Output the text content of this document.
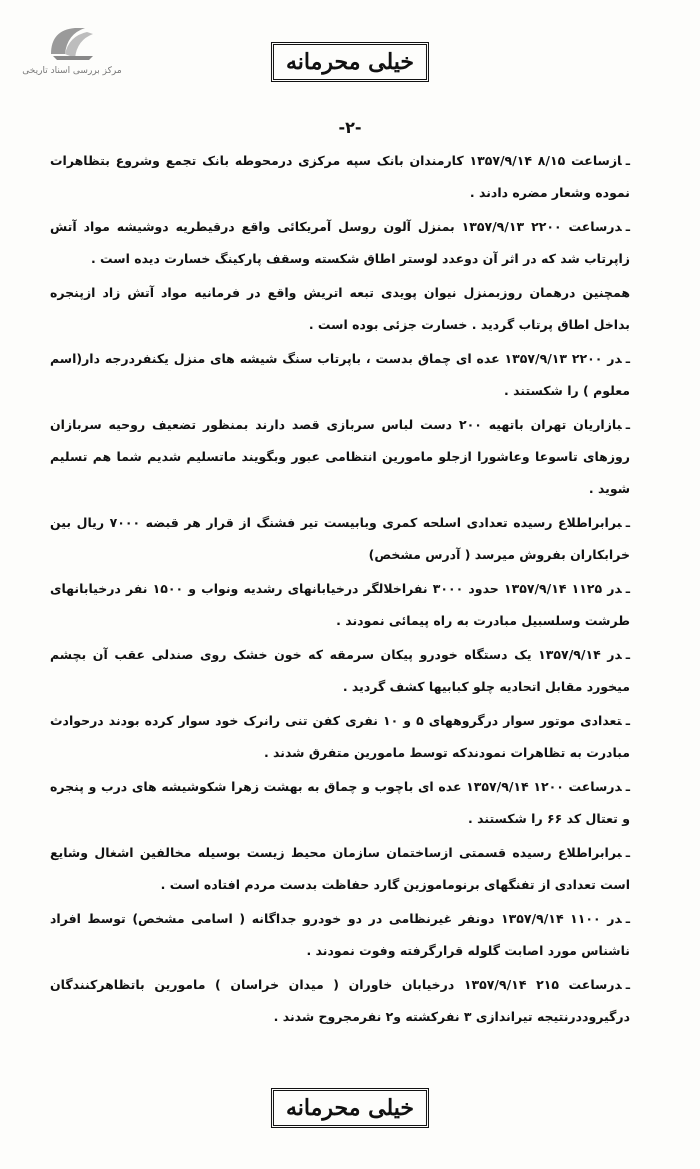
مرکز بررسی اسناد تاریخی	خیلی محرمانه
-۲-

ـازساعت ۸/۱۵ ۱۳۵۷/۹/۱۴ کارمندان بانک سپه مرکزی درمحوطه بانک تجمع وشروع بتظاهرات نموده وشعار مضره دادند .

ـدرساعت ۲۲۰۰ ۱۳۵۷/۹/۱۳ بمنزل آلون روسل آمریکائی واقع درقیطریه دوشیشه مواد آتش زاپرتاب شد که در اثر آن دوعدد لوستر اطاق شکسته وسقف پارکینگ خسارت دیده است .

همچنین درهمان روزبمنزل نیوان پویدی تبعه اتریش واقع در فرمانیه مواد آتش زاد ازپنجره بداخل اطاق پرتاب گردید . خسارت جزئی بوده است .

ـدر ۲۲۰۰ ۱۳۵۷/۹/۱۳ عده ای چماق بدست ، باپرتاب سنگ شیشه های منزل یکنفردرجه دار(اسم معلوم ) را شکستند .

ـبازاریان تهران باتهیه ۲۰۰ دست لباس سربازی قصد دارند بمنظور تضعیف روحیه سربازان روزهای تاسوعا وعاشورا ازجلو مامورین انتظامی عبور وبگویند ماتسلیم شدیم شما هم تسلیم شوید .

ـبرابراطلاع رسیده تعدادی اسلحه کمری وبابیست تیر فشنگ از قرار هر قبضه ۷۰۰۰ ریال بین خرابکاران بفروش میرسد ( آدرس مشخص)

ـدر ۱۱۲۵ ۱۳۵۷/۹/۱۴ حدود ۳۰۰۰ نفراخلالگر درخیابانهای رشدیه ونواب و ۱۵۰۰ نفر درخیابانهای طرشت وسلسبیل مبادرت به راه پیمائی نمودند .

ـدر ۱۳۵۷/۹/۱۴ یک دستگاه خودرو پیکان سرمقه که خون خشک روی صندلی عقب آن بچشم میخورد مقابل اتحادیه چلو کبابیها کشف گردید .

ـتعدادی موتور سوار درگروههای ۵ و ۱۰ نفری کفن تنی رانرک خود سوار کرده بودند درحوادث مبادرت به تظاهرات نمودندکه توسط مامورین متفرق شدند .

ـدرساعت ۱۲۰۰ ۱۳۵۷/۹/۱۴ عده ای باچوب و چماق به بهشت زهرا شکوشیشه های درب و پنجره و تعتال کد ۶۶ را شکستند .

ـبرابراطلاع رسیده قسمتی ازساختمان سازمان محیط زیست بوسیله مخالفین اشغال وشایع است تعدادی از تفنگهای برنوماموزین گارد حفاظت بدست مردم افتاده است .

ـدر ۱۱۰۰ ۱۳۵۷/۹/۱۴ دونفر غیرنظامی در دو خودرو جداگانه ( اسامی مشخص) توسط افراد ناشناس مورد اصابت گلوله قرارگرفته وفوت نمودند .

ـدرساعت ۲۱۵ ۱۳۵۷/۹/۱۴ درخیابان خاوران ( میدان خراسان ) مامورین باتظاهرکنندگان درگیروددرنتیجه تیراندازی ۳ نفرکشته و۲ نفرمجروح شدند .

خیلی محرمانه
